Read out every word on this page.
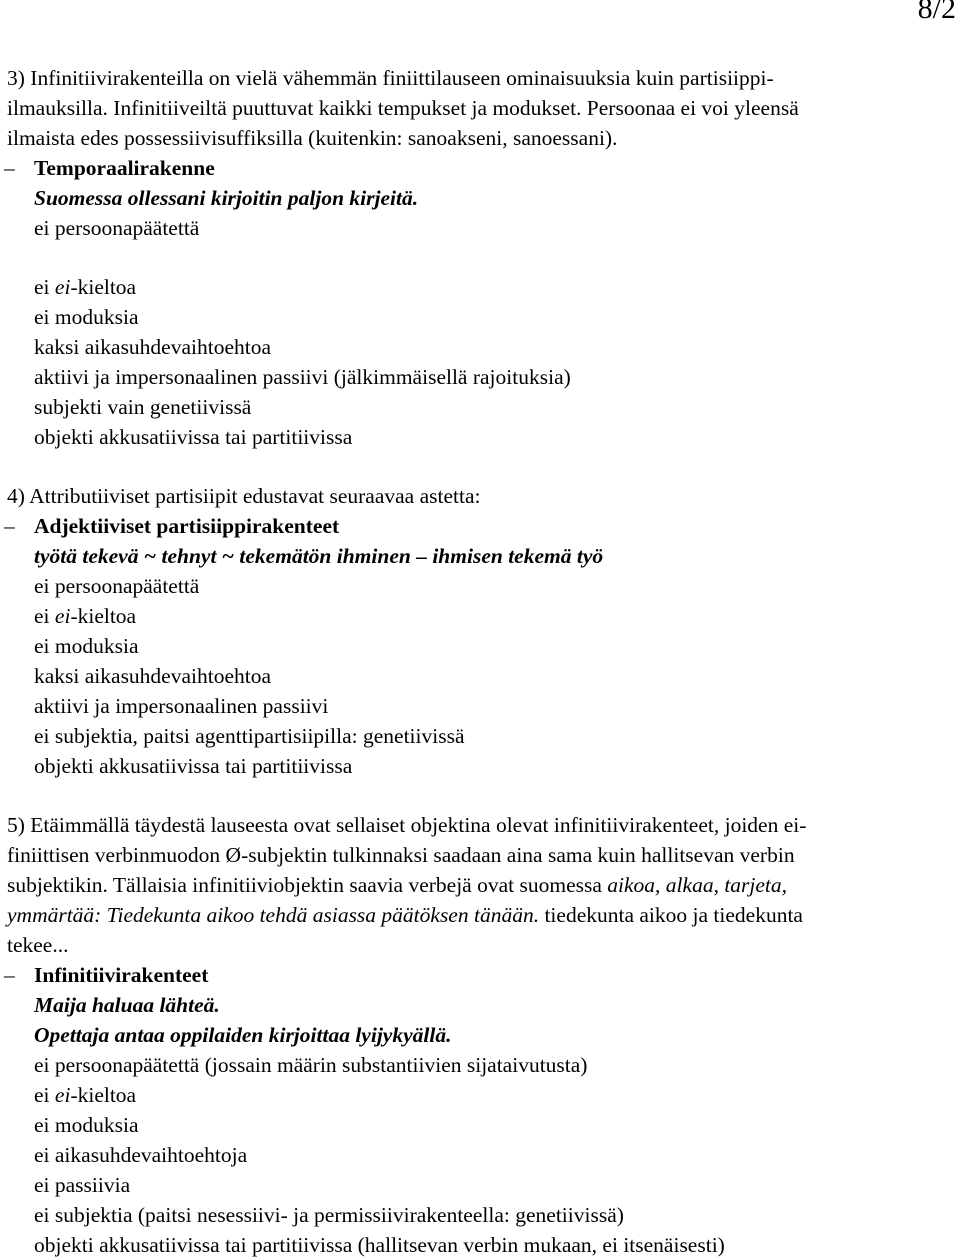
8/2
3) Infinitiivirakenteilla on vielä vähemmän finiittilauseen ominaisuuksia kuin partisiippi-
ilmauksilla. Infinitiiveiltä puuttuvat kaikki tempukset ja modukset. Persoonaa ei voi yleensä
ilmaista edes possessiivisuffiksilla (kuitenkin: sanoakseni, sanoessani).
– Temporaalirakenne
Suomessa ollessani kirjoitin paljon kirjeitä.
ei persoonapäätettä
ei ei-kieltoa
ei moduksia
kaksi aikasuhdevaihtoehtoa
aktiivi ja impersonaalinen passiivi (jälkimmäisellä rajoituksia)
subjekti vain genetiivissä
objekti akkusatiivissa tai partitiivissa
4) Attributiiviset partisiipit edustavat seuraavaa astetta:
– Adjektiiviset partisiippirakenteet
työtä tekevä ~ tehnyt ~ tekemätön ihminen – ihmisen tekemä työ
ei persoonapäätettä
ei ei-kieltoa
ei moduksia
kaksi aikasuhdevaihtoehtoa
aktiivi ja impersonaalinen passiivi
ei subjektia, paitsi agenttipartisiipilla: genetiivissä
objekti akkusatiivissa tai partitiivissa
5) Etäimmällä täydestä lauseesta ovat sellaiset objektina olevat infinitiivirakenteet, joiden ei-
finiittisen verbinmuodon Ø-subjektin tulkinnaksi saadaan aina sama kuin hallitsevan verbin
subjektikin. Tällaisia infinitiiviobjektin saavia verbejä ovat suomessa aikoa, alkaa, tarjeta,
ymmärtää: Tiedekunta aikoo tehdä asiassa päätöksen tänään. tiedekunta aikoo ja tiedekunta
tekee...
– Infinitiivirakenteet
Maija haluaa lähteä.
Opettaja antaa oppilaiden kirjoittaa lyijykyällä.
ei persoonapäätettä (jossain määrin substantiivien sijataivutusta)
ei ei-kieltoa
ei moduksia
ei aikasuhdevaihtoehtoja
ei passiivia
ei subjektia (paitsi nesessiivi- ja permissiivirakenteella: genetiivissä)
objekti akkusatiivissa tai partitiivissa (hallitsevan verbin mukaan, ei itsenäisesti)
